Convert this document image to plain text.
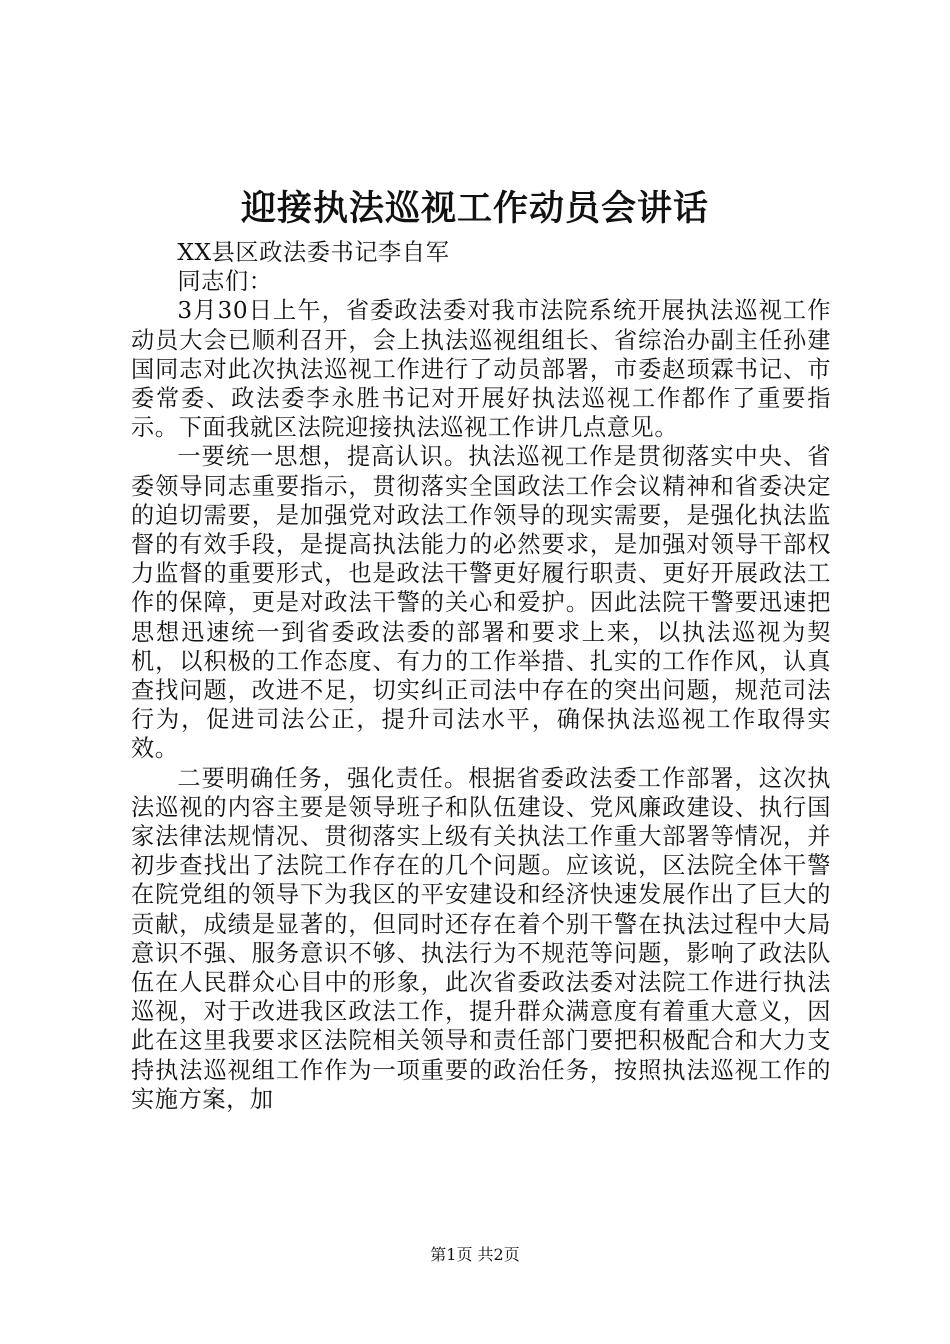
迎接执法巡视工作动员会讲话

XX县区政法委书记李自军

同志们：

3月30日上午，省委政法委对我市法院系统开展执法巡视工作动员大会已顺利召开，会上执法巡视组组长、省综治办副主任孙建国同志对此次执法巡视工作进行了动员部署，市委赵顼霖书记、市委常委、政法委李永胜书记对开展好执法巡视工作都作了重要指示。下面我就区法院迎接执法巡视工作讲几点意见。

一要统一思想，提高认识。执法巡视工作是贯彻落实中央、省委领导同志重要指示，贯彻落实全国政法工作会议精神和省委决定的迫切需要，是加强党对政法工作领导的现实需要，是强化执法监督的有效手段，是提高执法能力的必然要求，是加强对领导干部权力监督的重要形式，也是政法干警更好履行职责、更好开展政法工作的保障，更是对政法干警的关心和爱护。因此法院干警要迅速把思想迅速统一到省委政法委的部署和要求上来，以执法巡视为契机，以积极的工作态度、有力的工作举措、扎实的工作作风，认真查找问题，改进不足，切实纠正司法中存在的突出问题，规范司法行为，促进司法公正，提升司法水平，确保执法巡视工作取得实效。

二要明确任务，强化责任。根据省委政法委工作部署，这次执法巡视的内容主要是领导班子和队伍建设、党风廉政建设、执行国家法律法规情况、贯彻落实上级有关执法工作重大部署等情况，并初步查找出了法院工作存在的几个问题。应该说，区法院全体干警在院党组的领导下为我区的平安建设和经济快速发展作出了巨大的贡献，成绩是显著的，但同时还存在着个别干警在执法过程中大局意识不强、服务意识不够、执法行为不规范等问题，影响了政法队伍在人民群众心目中的形象，此次省委政法委对法院工作进行执法巡视，对于改进我区政法工作，提升群众满意度有着重大意义，因此在这里我要求区法院相关领导和责任部门要把积极配合和大力支持执法巡视组工作作为一项重要的政治任务，按照执法巡视工作的实施方案，加

第1页 共2页
